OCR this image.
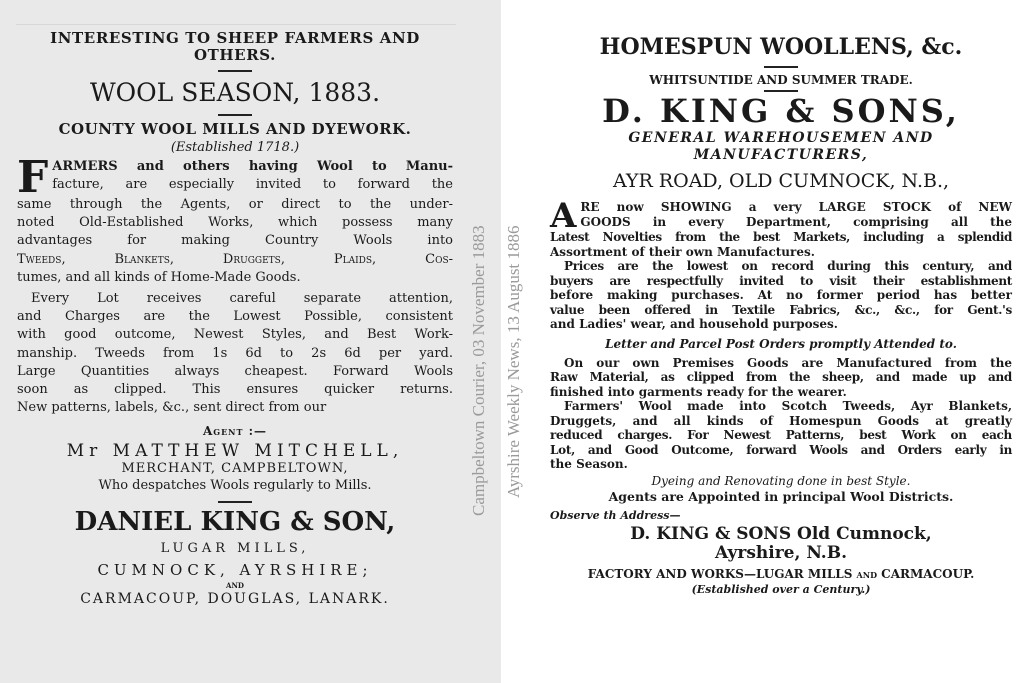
INTERESTING TO SHEEP FARMERS AND
OTHERS.
WOOL SEASON, 1883.
COUNTY WOOL MILLS AND DYEWORK.
(Established 1718.)
F ARMERS and others having Wool to Manu-
facture, are especially invited to forward the
same through the Agents, or direct to the under-
noted Old-Established Works, which possess many
advantages for making Country Wools into
Tweeds, Blankets, Druggets, Plaids, Cos-
tumes, and all kinds of Home-Made Goods.
Every Lot receives careful separate attention,
and Charges are the Lowest Possible, consistent
with good outcome, Newest Styles, and Best Work-
manship. Tweeds from 1s 6d to 2s 6d per yard.
Large Quantities always cheapest. Forward Wools
soon as clipped. This ensures quicker returns.
New patterns, labels, &c., sent direct from our
Agent :—
Mr MATTHEW MITCHELL,
MERCHANT, CAMPBELTOWN,
Who despatches Wools regularly to Mills.
DANIEL KING & SON,
LUGAR MILLS,
CUMNOCK, AYRSHIRE;
AND
CARMACOUP, DOUGLAS, LANARK.
Campbeltown Courier, 03 November 1883 Ayrshire Weekly News, 13 August 1886
HOMESPUN WOOLLENS, &c.
WHITSUNTIDE AND SUMMER TRADE.
D. KING & SONS,
GENERAL WAREHOUSEMEN AND
MANUFACTURERS,
AYR ROAD, OLD CUMNOCK, N.B.,
A RE now SHOWING a very LARGE STOCK of NEW
GOODS in every Department, comprising all the
Latest Novelties from the best Markets, including a splendid
Assortment of their own Manufactures.
Prices are the lowest on record during this century, and
buyers are respectfully invited to visit their establishment
before making purchases. At no former period has better
value been offered in Textile Fabrics, &c., &c., for Gent.'s
and Ladies' wear, and household purposes.
Letter and Parcel Post Orders promptly Attended to.
On our own Premises Goods are Manufactured from the
Raw Material, as clipped from the sheep, and made up and
finished into garments ready for the wearer.
Farmers' Wool made into Scotch Tweeds, Ayr Blankets,
Druggets, and all kinds of Homespun Goods at greatly
reduced charges. For Newest Patterns, best Work on each
Lot, and Good Outcome, forward Wools and Orders early in
the Season.
Dyeing and Renovating done in best Style.
Agents are Appointed in principal Wool Districts.
Observe th Address—
D. KING & SONS Old Cumnock,
Ayrshire, N.B.
FACTORY AND WORKS—LUGAR MILLS and CARMACOUP.
(Established over a Century.)
